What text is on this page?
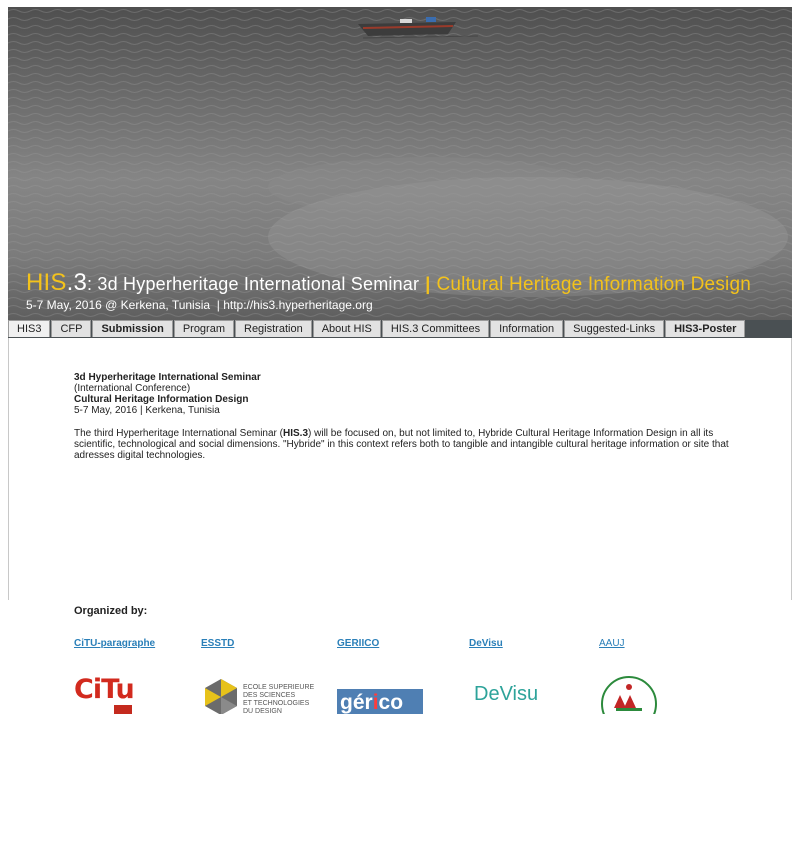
HIS.3: 3d Hyperheritage International Seminar | Cultural Heritage Information Design
5-7 May, 2016 @ Kerkena, Tunisia | http://his3.hyperheritage.org
HIS3	CFP	Submission	Program	Registration	About HIS	HIS.3 Committees	Information	Suggested-Links	HIS3-Poster
3d Hyperheritage International Seminar
(International Conference)
Cultural Heritage Information Design
5-7 May, 2016 | Kerkena, Tunisia

The third Hyperheritage International Seminar (HIS.3) will be focused on, but not limited to, Hybride Cultural Heritage Information Design in all its scientific, technological and social dimensions. "Hybride" in this context refers both to tangible and intangible cultural heritage information or site that adresses digital technologies.

Organized by:
CiTU-paragraphe	ESSTD	GERIICO	DeVisu	AAUJ
CiTu	ECOLE SUPERIEURE
DES SCIENCES
ET TECHNOLOGIES
DU DESIGN	gérico	DeVisu
